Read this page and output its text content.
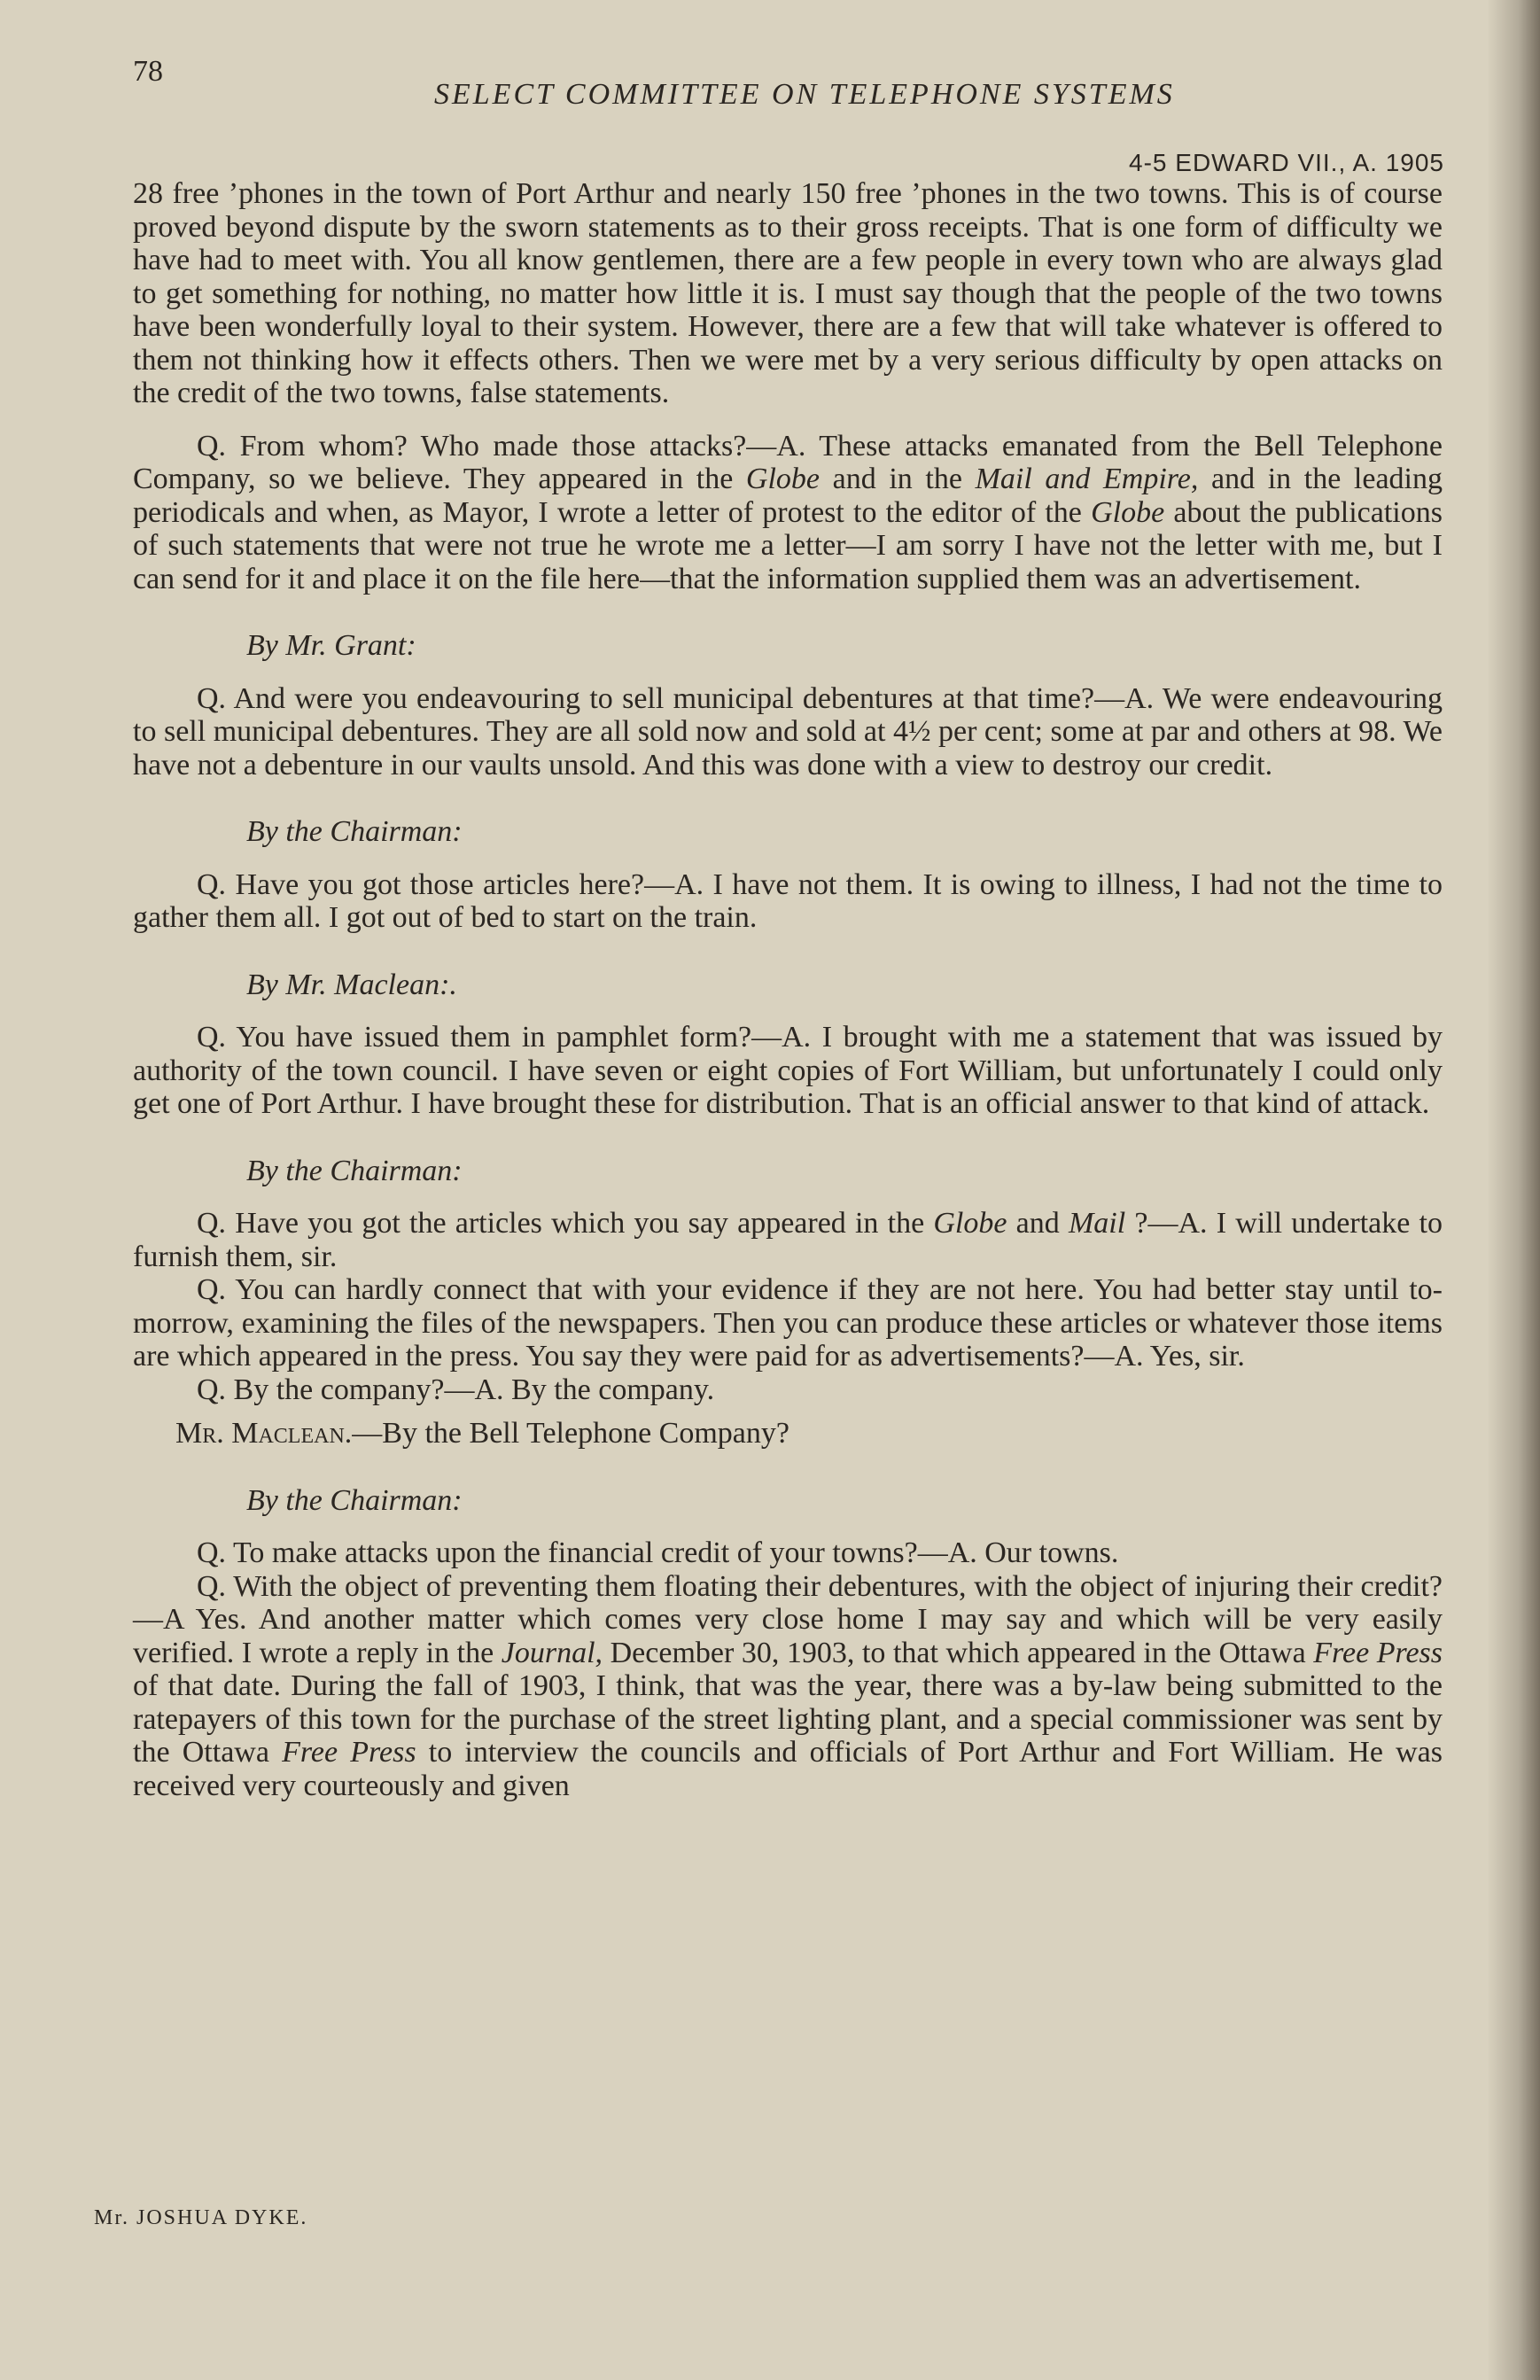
78
SELECT COMMITTEE ON TELEPHONE SYSTEMS
4-5 EDWARD VII., A. 1905

28 free ’phones in the town of Port Arthur and nearly 150 free ’phones in the two towns. This is of course proved beyond dispute by the sworn statements as to their gross receipts. That is one form of difficulty we have had to meet with. You all know gentlemen, there are a few people in every town who are always glad to get something for nothing, no matter how little it is. I must say though that the people of the two towns have been wonderfully loyal to their system. However, there are a few that will take whatever is offered to them not thinking how it effects others. Then we were met by a very serious difficulty by open attacks on the credit of the two towns, false statements.

Q. From whom? Who made those attacks?—A. These attacks emanated from the Bell Telephone Company, so we believe. They appeared in the Globe and in the Mail and Empire, and in the leading periodicals and when, as Mayor, I wrote a letter of protest to the editor of the Globe about the publications of such statements that were not true he wrote me a letter—I am sorry I have not the letter with me, but I can send for it and place it on the file here—that the information supplied them was an advertisement.

By Mr. Grant:

Q. And were you endeavouring to sell municipal debentures at that time?—A. We were endeavouring to sell municipal debentures. They are all sold now and sold at 4½ per cent; some at par and others at 98. We have not a debenture in our vaults unsold. And this was done with a view to destroy our credit.

By the Chairman:

Q. Have you got those articles here?—A. I have not them. It is owing to illness, I had not the time to gather them all. I got out of bed to start on the train.

By Mr. Maclean:.

Q. You have issued them in pamphlet form?—A. I brought with me a statement that was issued by authority of the town council. I have seven or eight copies of Fort William, but unfortunately I could only get one of Port Arthur. I have brought these for distribution. That is an official answer to that kind of attack.

By the Chairman:

Q. Have you got the articles which you say appeared in the Globe and Mail ?—A. I will undertake to furnish them, sir.

Q. You can hardly connect that with your evidence if they are not here. You had better stay until to-morrow, examining the files of the newspapers. Then you can produce these articles or whatever those items are which appeared in the press. You say they were paid for as advertisements?—A. Yes, sir.

Q. By the company?—A. By the company.

Mr. Maclean.—By the Bell Telephone Company?

By the Chairman:

Q. To make attacks upon the financial credit of your towns?—A. Our towns.

Q. With the object of preventing them floating their debentures, with the object of injuring their credit?—A Yes. And another matter which comes very close home I may say and which will be very easily verified. I wrote a reply in the Journal, December 30, 1903, to that which appeared in the Ottawa Free Press of that date. During the fall of 1903, I think, that was the year, there was a by-law being submitted to the ratepayers of this town for the purchase of the street lighting plant, and a special commissioner was sent by the Ottawa Free Press to interview the councils and officials of Port Arthur and Fort William. He was received very courteously and given

Mr. JOSHUA DYKE.
